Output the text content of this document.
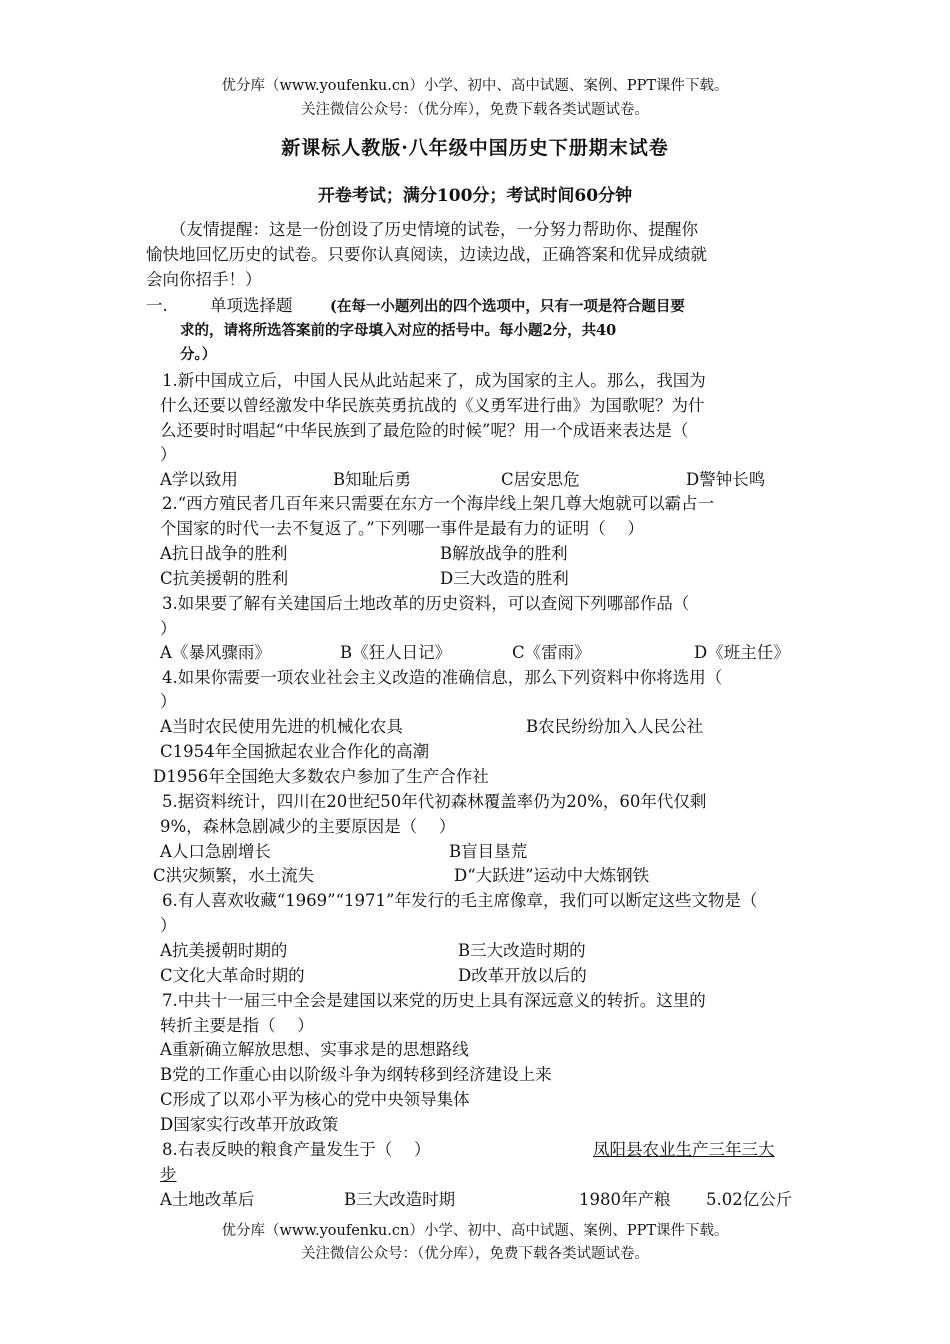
优分库（www.youfenku.cn）小学、初中、高中试题、案例、PPT课件下载。
关注微信公众号：（优分库），免费下载各类试题试卷。
新课标人教版·八年级中国历史下册期末试卷
开卷考试；满分100分；考试时间60分钟
（友情提醒：这是一份创设了历史情境的试卷，一分努力帮助你、提醒你
愉快地回忆历史的试卷。只要你认真阅读，边读边战，正确答案和优异成绩就
会向你招手！）
一.	单项选择题	(在每一小题列出的四个选项中，只有一项是符合题目要
求的，请将所选答案前的字母填入对应的括号中。每小题2分，共40
分。）
1.新中国成立后，中国人民从此站起来了，成为国家的主人。那么，我国为
什么还要以曾经激发中华民族英勇抗战的《义勇军进行曲》为国歌呢？为什
么还要时时唱起“中华民族到了最危险的时候”呢？用一个成语来表达是（
）
A学以致用	B知耻后勇	C居安思危	D警钟长鸣
2.“西方殖民者几百年来只需要在东方一个海岸线上架几尊大炮就可以霸占一
个国家的时代一去不复返了。”下列哪一事件是最有力的证明（　 ）
A抗日战争的胜利	B解放战争的胜利
C抗美援朝的胜利	D三大改造的胜利
3.如果要了解有关建国后土地改革的历史资料，可以查阅下列哪部作品（
）
A《暴风骤雨》	B《狂人日记》	C《雷雨》	D《班主任》
4.如果你需要一项农业社会主义改造的准确信息，那么下列资料中你将选用（
）
A当时农民使用先进的机械化农具	B农民纷纷加入人民公社
C1954年全国掀起农业合作化的高潮
D1956年全国绝大多数农户参加了生产合作社
5.据资料统计，四川在20世纪50年代初森林覆盖率仍为20%，60年代仅剩
9%，森林急剧减少的主要原因是（　 ）
A人口急剧增长	B盲目垦荒
C洪灾频繁，水土流失	D“大跃进”运动中大炼钢铁
6.有人喜欢收藏“1969”“1971”年发行的毛主席像章，我们可以断定这些文物是（
）
A抗美援朝时期的	B三大改造时期的
C文化大革命时期的	D改革开放以后的
7.中共十一届三中全会是建国以来党的历史上具有深远意义的转折。这里的
转折主要是指（　 ）
A重新确立解放思想、实事求是的思想路线
B党的工作重心由以阶级斗争为纲转移到经济建设上来
C形成了以邓小平为核心的党中央领导集体
D国家实行改革开放政策
8.右表反映的粮食产量发生于（　 ）	凤阳县农业生产三年三大
步
A土地改革后	B三大改造时期	1980年产粮 5.02亿公斤
优分库（www.youfenku.cn）小学、初中、高中试题、案例、PPT课件下载。
关注微信公众号：（优分库），免费下载各类试题试卷。
